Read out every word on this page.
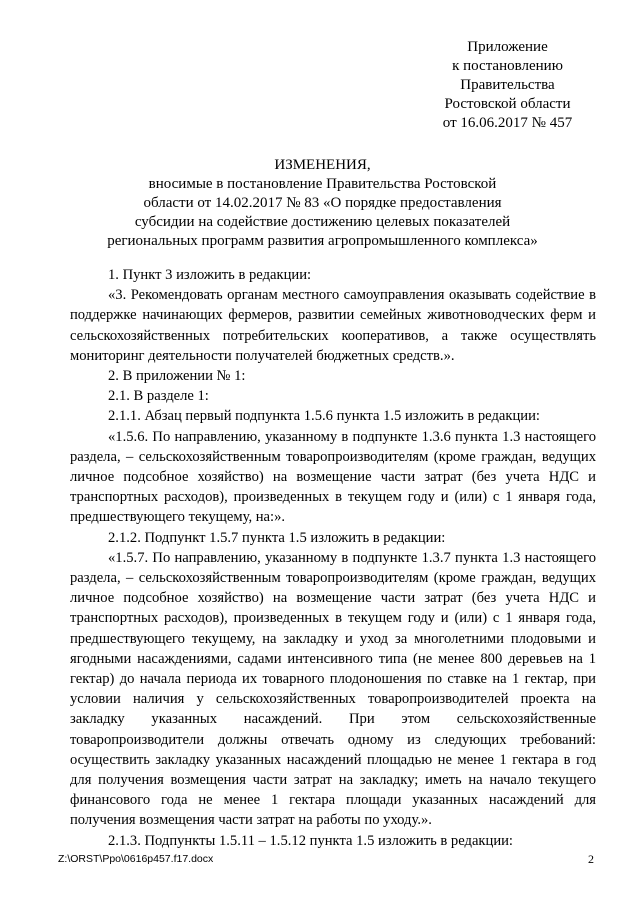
Приложение
к постановлению
Правительства
Ростовской области
от 16.06.2017 № 457
ИЗМЕНЕНИЯ,
вносимые в постановление Правительства Ростовской
области от 14.02.2017 № 83 «О порядке предоставления
субсидии на содействие достижению целевых показателей
региональных программ развития агропромышленного комплекса»

1. Пункт 3 изложить в редакции:

«3. Рекомендовать органам местного самоуправления оказывать содействие в поддержке начинающих фермеров, развитии семейных животноводческих ферм и сельскохозяйственных потребительских кооперативов, а также осуществлять мониторинг деятельности получателей бюджетных средств.».

2. В приложении № 1:

2.1. В разделе 1:

2.1.1. Абзац первый подпункта 1.5.6 пункта 1.5 изложить в редакции:

«1.5.6. По направлению, указанному в подпункте 1.3.6 пункта 1.3 настоящего раздела, – сельскохозяйственным товаропроизводителям (кроме граждан, ведущих личное подсобное хозяйство) на возмещение части затрат (без учета НДС и транспортных расходов), произведенных в текущем году и (или) с 1 января года, предшествующего текущему, на:».

2.1.2. Подпункт 1.5.7 пункта 1.5 изложить в редакции:

«1.5.7. По направлению, указанному в подпункте 1.3.7 пункта 1.3 настоящего раздела, – сельскохозяйственным товаропроизводителям (кроме граждан, ведущих личное подсобное хозяйство) на возмещение части затрат (без учета НДС и транспортных расходов), произведенных в текущем году и (или) с 1 января года, предшествующего текущему, на закладку и уход за многолетними плодовыми и ягодными насаждениями, садами интенсивного типа (не менее 800 деревьев на 1 гектар) до начала периода их товарного плодоношения по ставке на 1 гектар, при условии наличия у сельскохозяйственных товаропроизводителей проекта на закладку указанных насаждений. При этом сельскохозяйственные товаропроизводители должны отвечать одному из следующих требований: осуществить закладку указанных насаждений площадью не менее 1 гектара в год для получения возмещения части затрат на закладку; иметь на начало текущего финансового года не менее 1 гектара площади указанных насаждений для получения возмещения части затрат на работы по уходу.».

2.1.3. Подпункты 1.5.11 – 1.5.12 пункта 1.5 изложить в редакции:

Z:\ORST\Ppo\0616p457.f17.docx	2
